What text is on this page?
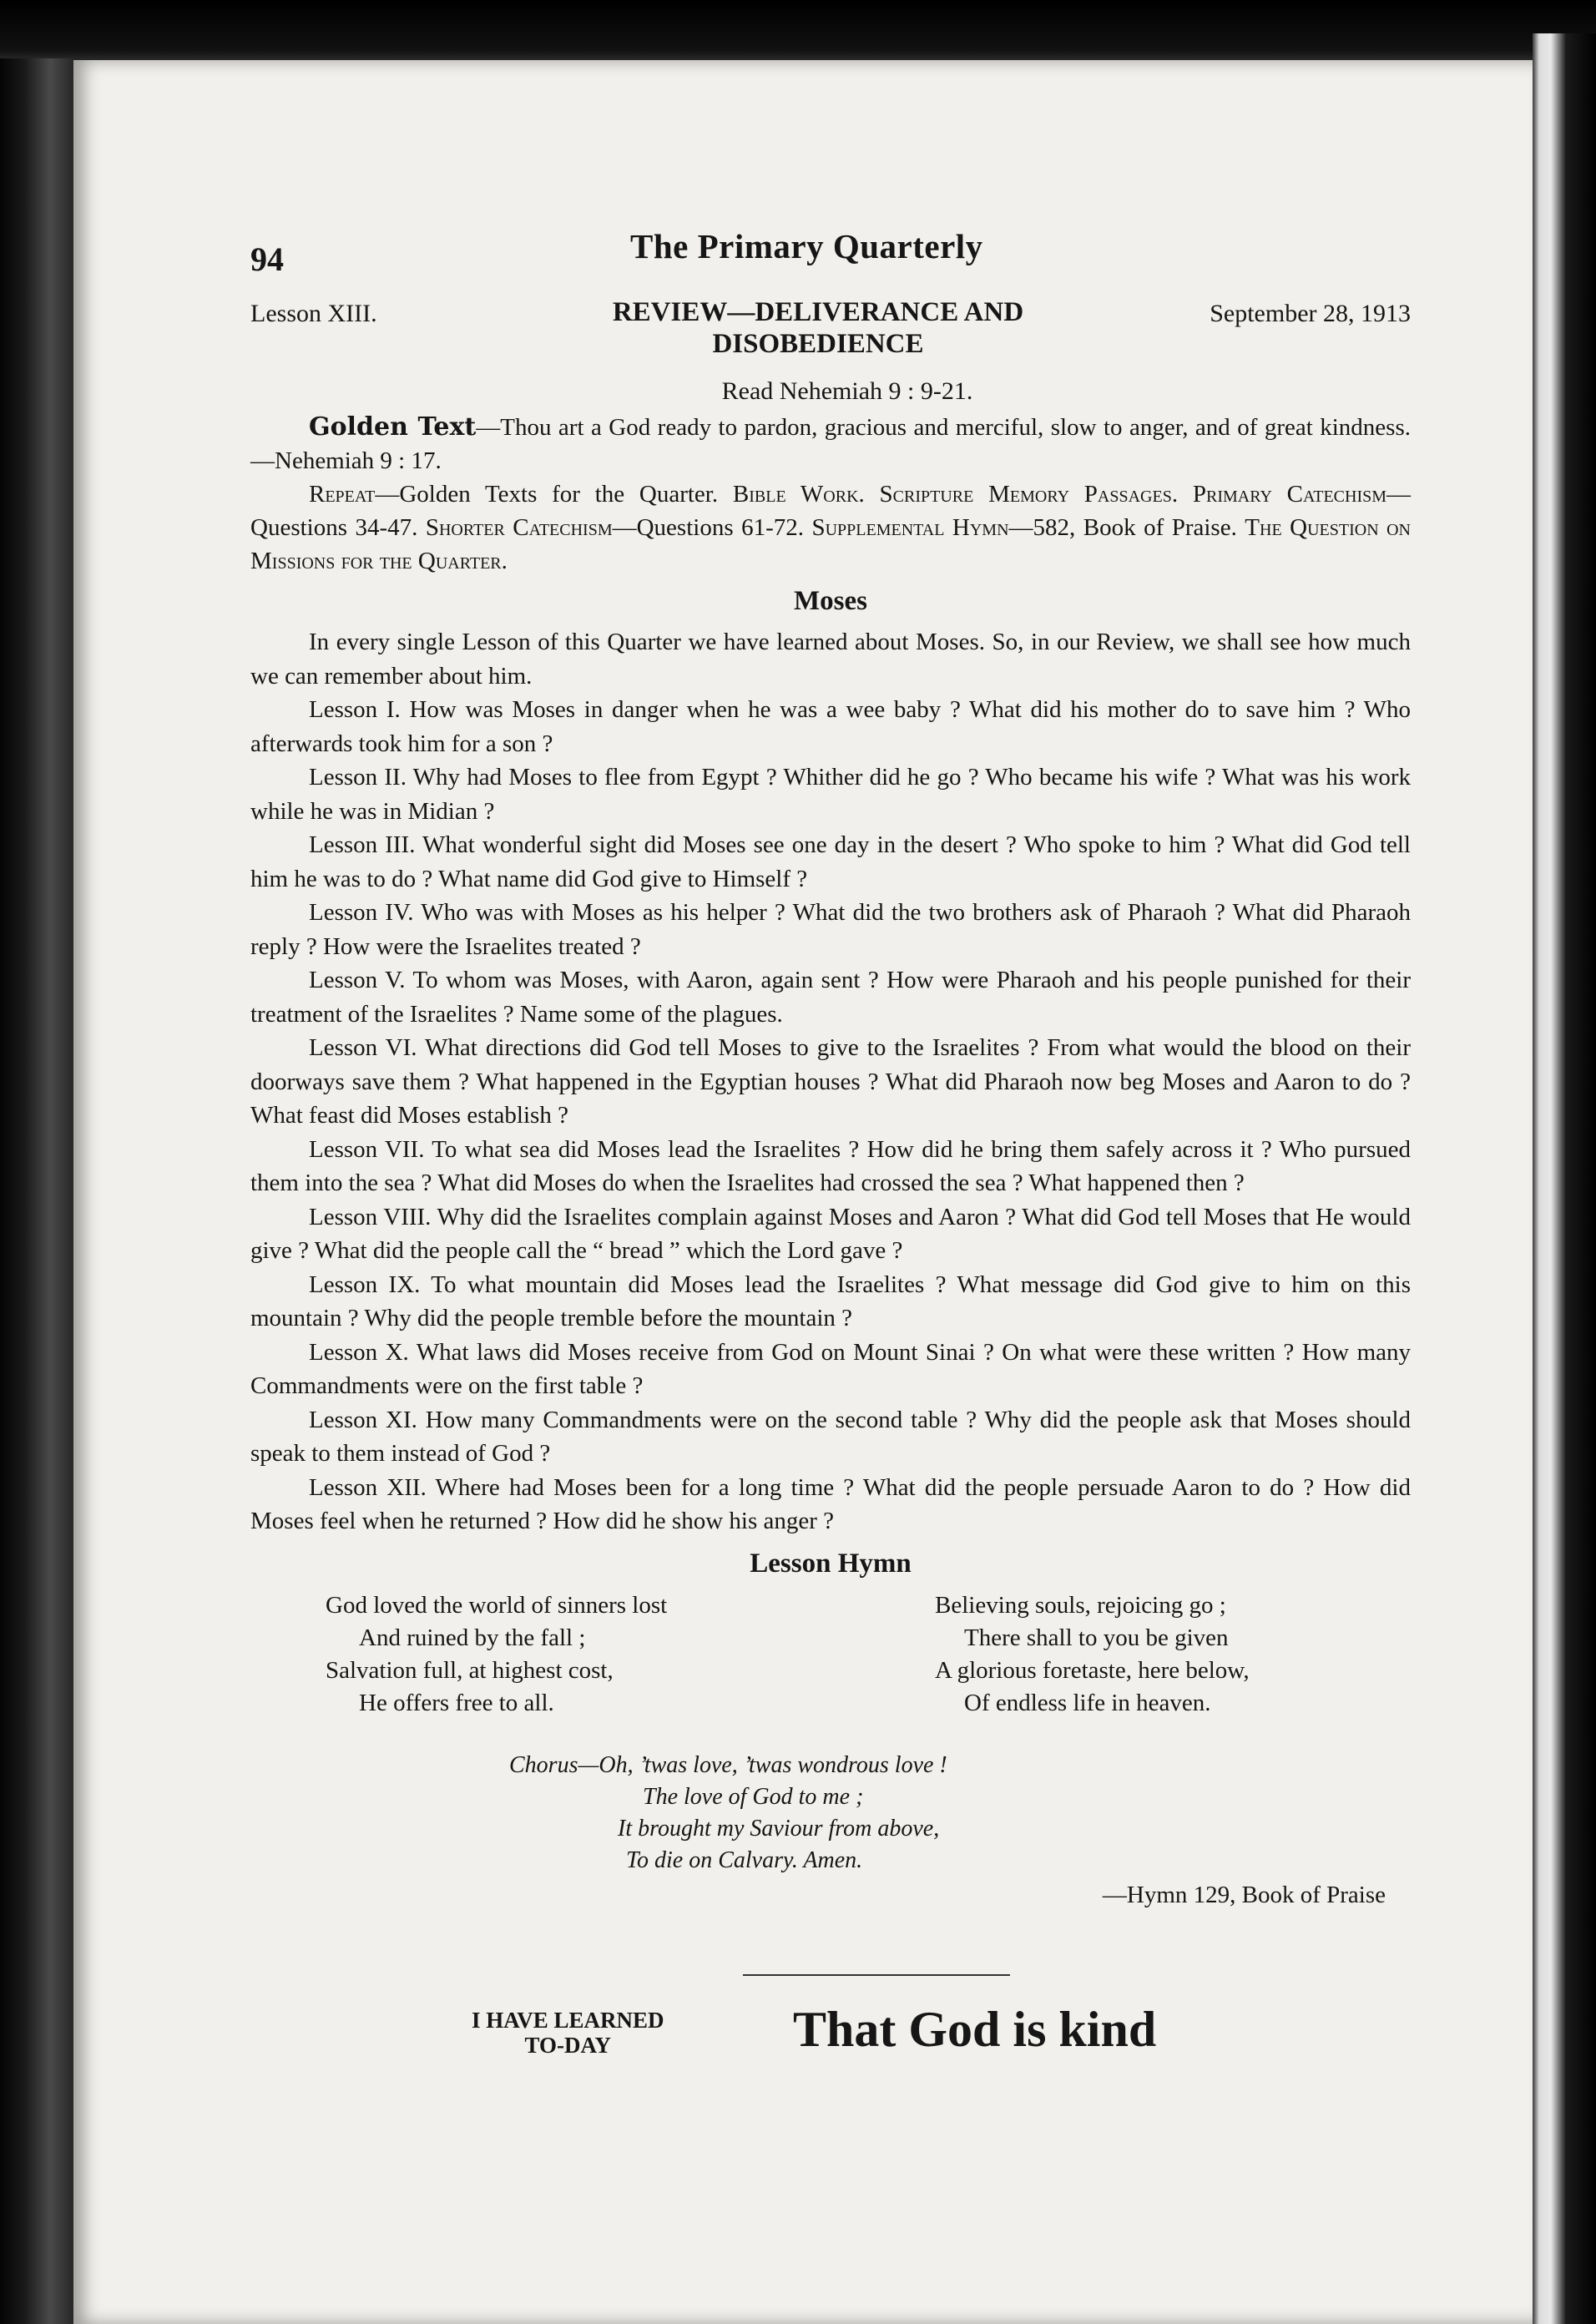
94	The Primary Quarterly
Lesson XIII.	REVIEW—DELIVERANCE AND
DISOBEDIENCE
September 28, 1913
Read Nehemiah 9 : 9-21.

Golden Text—Thou art a God ready to pardon, gracious and merciful, slow to anger, and of great kindness.—Nehemiah 9 : 17.

Repeat—Golden Texts for the Quarter. Bible Work. Scripture Memory Passages. Primary Catechism—Questions 34-47. Shorter Catechism—Questions 61-72. Supplemental Hymn—582, Book of Praise. The Question on Missions for the Quarter.

Moses

In every single Lesson of this Quarter we have learned about Moses. So, in our Review, we shall see how much we can remember about him.

Lesson I. How was Moses in danger when he was a wee baby ? What did his mother do to save him ? Who afterwards took him for a son ?

Lesson II. Why had Moses to flee from Egypt ? Whither did he go ? Who became his wife ? What was his work while he was in Midian ?

Lesson III. What wonderful sight did Moses see one day in the desert ? Who spoke to him ? What did God tell him he was to do ? What name did God give to Himself ?

Lesson IV. Who was with Moses as his helper ? What did the two brothers ask of Pharaoh ? What did Pharaoh reply ? How were the Israelites treated ?

Lesson V. To whom was Moses, with Aaron, again sent ? How were Pharaoh and his people punished for their treatment of the Israelites ? Name some of the plagues.

Lesson VI. What directions did God tell Moses to give to the Israelites ? From what would the blood on their doorways save them ? What happened in the Egyptian houses ? What did Pharaoh now beg Moses and Aaron to do ? What feast did Moses establish ?

Lesson VII. To what sea did Moses lead the Israelites ? How did he bring them safely across it ? Who pursued them into the sea ? What did Moses do when the Israelites had crossed the sea ? What happened then ?

Lesson VIII. Why did the Israelites complain against Moses and Aaron ? What did God tell Moses that He would give ? What did the people call the “ bread ” which the Lord gave ?

Lesson IX. To what mountain did Moses lead the Israelites ? What message did God give to him on this mountain ? Why did the people tremble before the mountain ?

Lesson X. What laws did Moses receive from God on Mount Sinai ? On what were these written ? How many Commandments were on the first table ?

Lesson XI. How many Commandments were on the second table ? Why did the people ask that Moses should speak to them instead of God ?

Lesson XII. Where had Moses been for a long time ? What did the people persuade Aaron to do ? How did Moses feel when he returned ? How did he show his anger ?

Lesson Hymn
God loved the world of sinners lost
And ruined by the fall ;
Salvation full, at highest cost,
He offers free to all.
Believing souls, rejoicing go ;
There shall to you be given
A glorious foretaste, here below,
Of endless life in heaven.
Chorus—Oh, ’twas love, ’twas wondrous love !
The love of God to me ;
It brought my Saviour from above,
To die on Calvary. Amen.
—Hymn 129, Book of Praise
I HAVE LEARNED
TO-DAY	That God is kind
